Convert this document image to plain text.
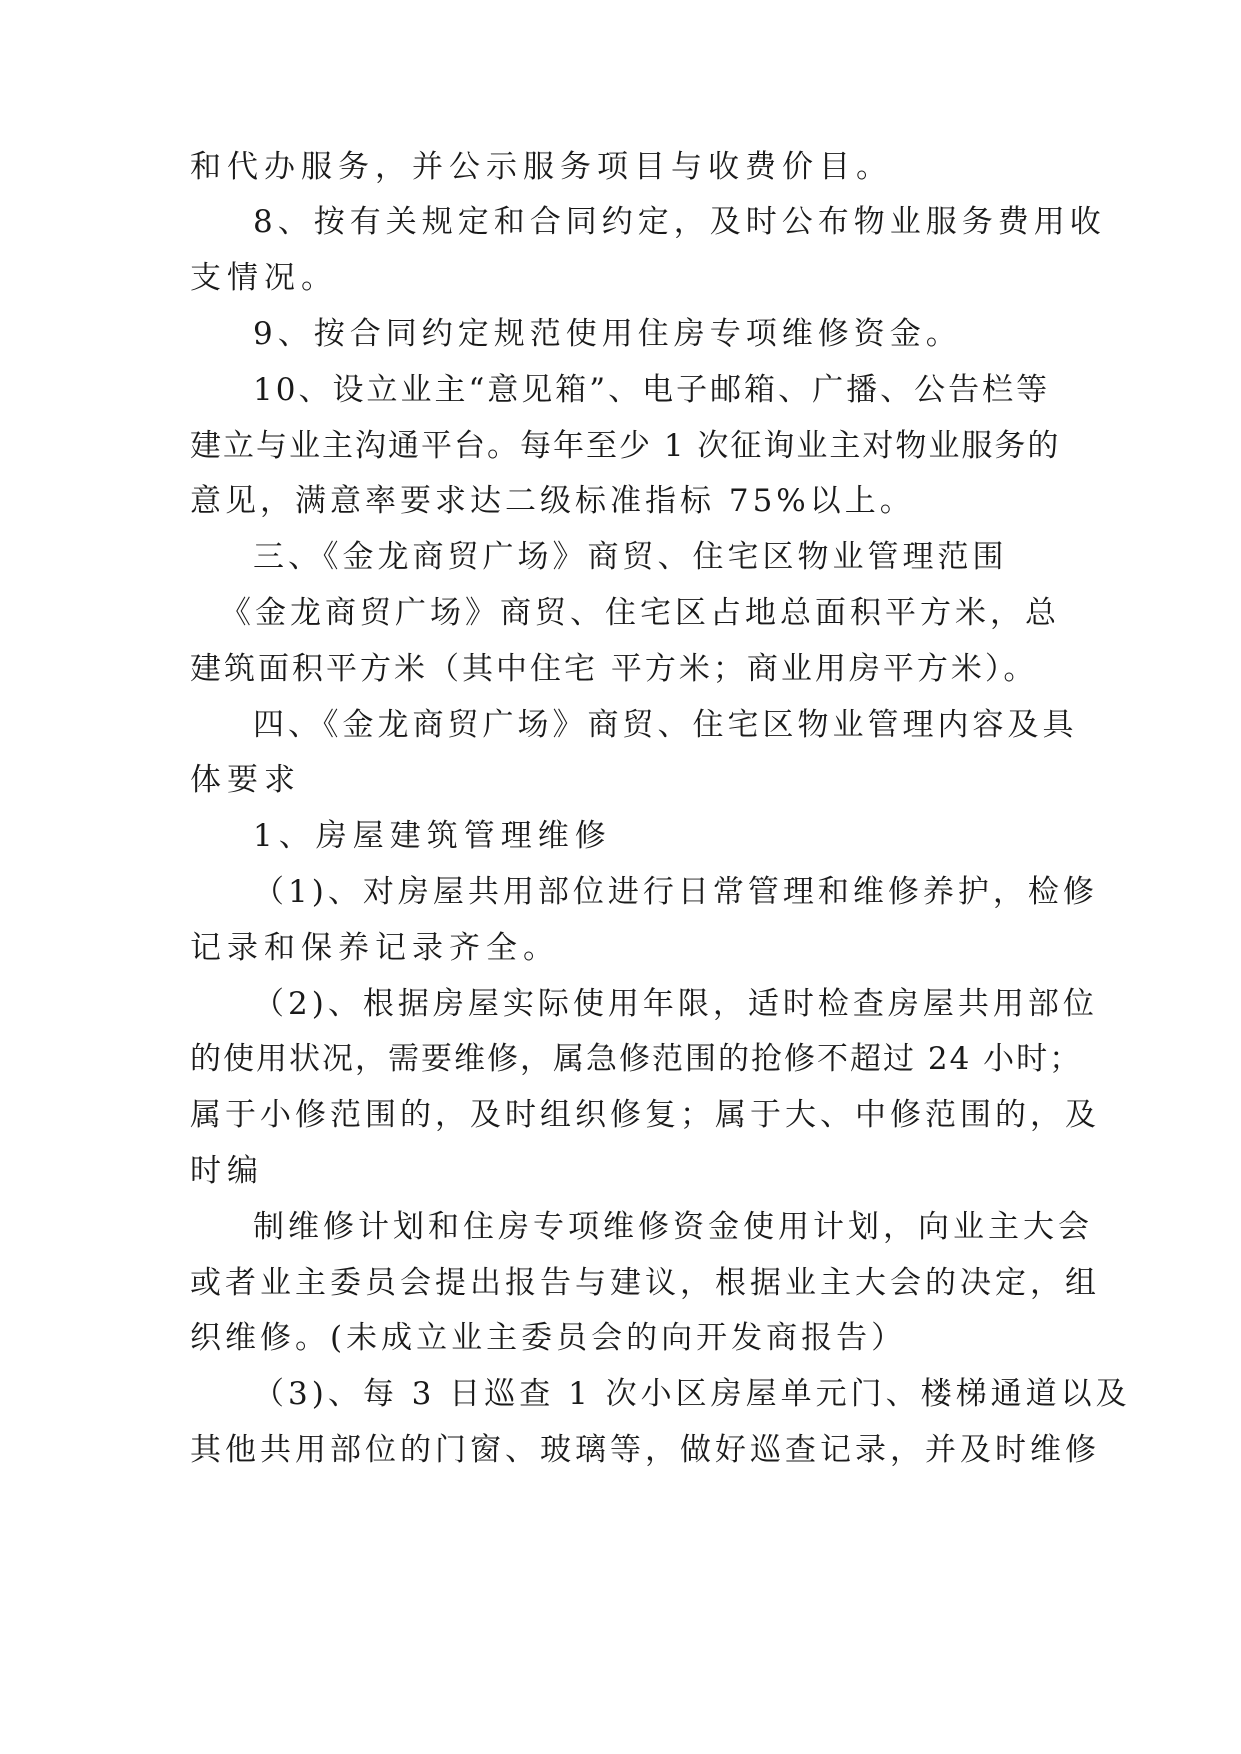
和代办服务，并公示服务项目与收费价目。
8、按有关规定和合同约定，及时公布物业服务费用收
支情况。
9、按合同约定规范使用住房专项维修资金。
10、设立业主“意见箱”、电子邮箱、广播、公告栏等
建立与业主沟通平台。每年至少 1 次征询业主对物业服务的
意见，满意率要求达二级标准指标 75%以上。
三、《金龙商贸广场》商贸、住宅区物业管理范围
《金龙商贸广场》商贸、住宅区占地总面积平方米，总
建筑面积平方米（其中住宅 平方米；商业用房平方米）。
四、《金龙商贸广场》商贸、住宅区物业管理内容及具
体要求
1、房屋建筑管理维修
（1)、对房屋共用部位进行日常管理和维修养护，检修
记录和保养记录齐全。
（2)、根据房屋实际使用年限，适时检查房屋共用部位
的使用状况，需要维修，属急修范围的抢修不超过 24 小时；
属于小修范围的，及时组织修复；属于大、中修范围的，及
时编
制维修计划和住房专项维修资金使用计划，向业主大会
或者业主委员会提出报告与建议，根据业主大会的决定，组
织维修。(未成立业主委员会的向开发商报告）
（3)、每 3 日巡查 1 次小区房屋单元门、楼梯通道以及
其他共用部位的门窗、玻璃等，做好巡查记录，并及时维修
